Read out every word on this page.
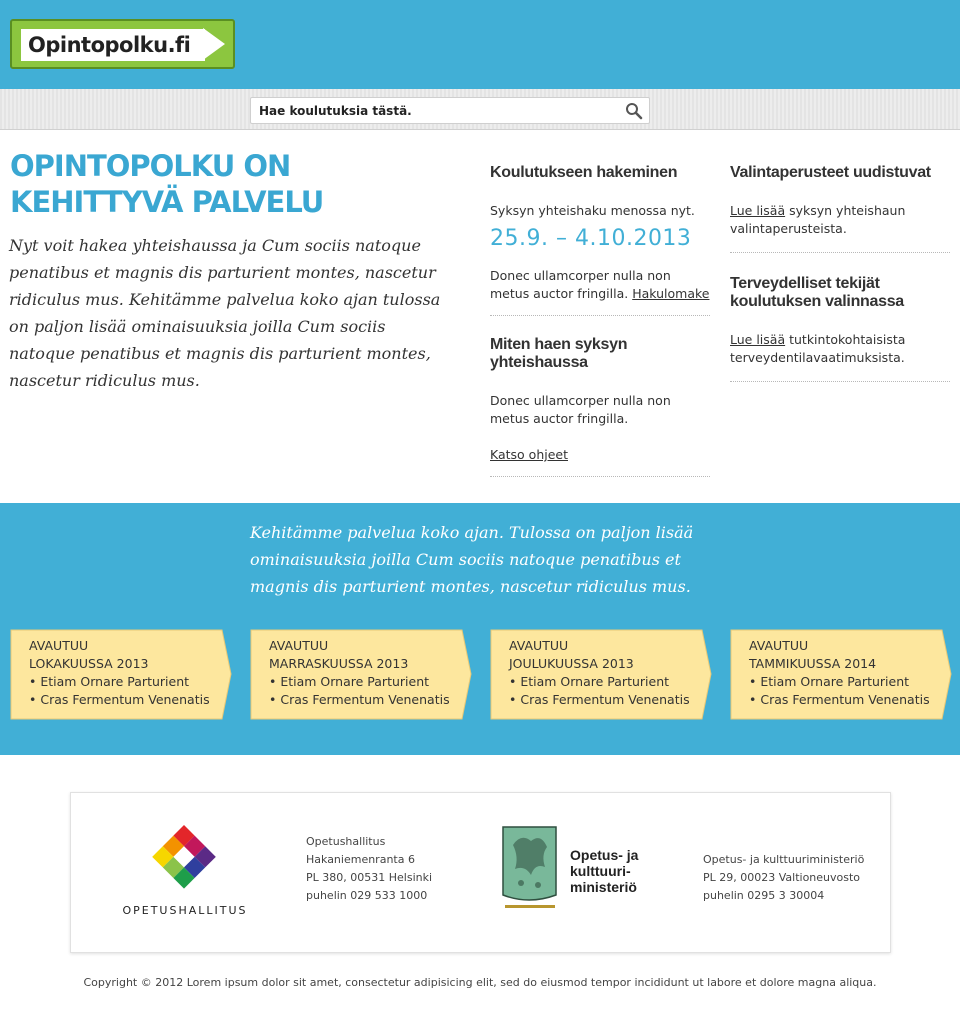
Opintopolku.fi
Hae koulutuksia tästä.
OPINTOPOLKU ON
KEHITTYVÄ PALVELU

Nyt voit hakea yhteishaussa ja Cum sociis natoque penatibus et magnis dis parturient montes, nascetur ridiculus mus. Kehitämme palvelua koko ajan tulossa on paljon lisää ominaisuuksia joilla Cum sociis natoque penatibus et magnis dis parturient montes, nascetur ridiculus mus.

Koulutukseen hakeminen

Syksyn yhteishaku menossa nyt.

25.9. – 4.10.2013

Donec ullamcorper nulla non metus auctor fringilla. Hakulomake

Miten haen syksyn yhteishaussa

Donec ullamcorper nulla non metus auctor fringilla.

Katso ohjeet

Valintaperusteet uudistuvat

Lue lisää syksyn yhteishaun valintaperusteista.

Terveydelliset tekijät
koulutuksen valinnassa

Lue lisää tutkintokohtaisista terveydentilavaatimuksista.

Kehitämme palvelua koko ajan. Tulossa on paljon lisää ominaisuuksia joilla Cum sociis natoque penatibus et magnis dis parturient montes, nascetur ridiculus mus.

AVAUTUU
LOKAKUUSSA 2013
• Etiam Ornare Parturient
• Cras Fermentum Venenatis
AVAUTUU
MARRASKUUSSA 2013
• Etiam Ornare Parturient
• Cras Fermentum Venenatis
AVAUTUU
JOULUKUUSSA 2013
• Etiam Ornare Parturient
• Cras Fermentum Venenatis
AVAUTUU
TAMMIKUUSSA 2014
• Etiam Ornare Parturient
• Cras Fermentum Venenatis
OPETUSHALLITUS
Opetushallitus
Hakaniemenranta 6
PL 380, 00531 Helsinki
puhelin 029 533 1000
Opetus- ja
kulttuuri-
ministeriö
Opetus- ja kulttuuriministeriö
PL 29, 00023 Valtioneuvosto
puhelin 0295 3 30004
Copyright © 2012 Lorem ipsum dolor sit amet, consectetur adipisicing elit, sed do eiusmod tempor incididunt ut labore et dolore magna aliqua.
